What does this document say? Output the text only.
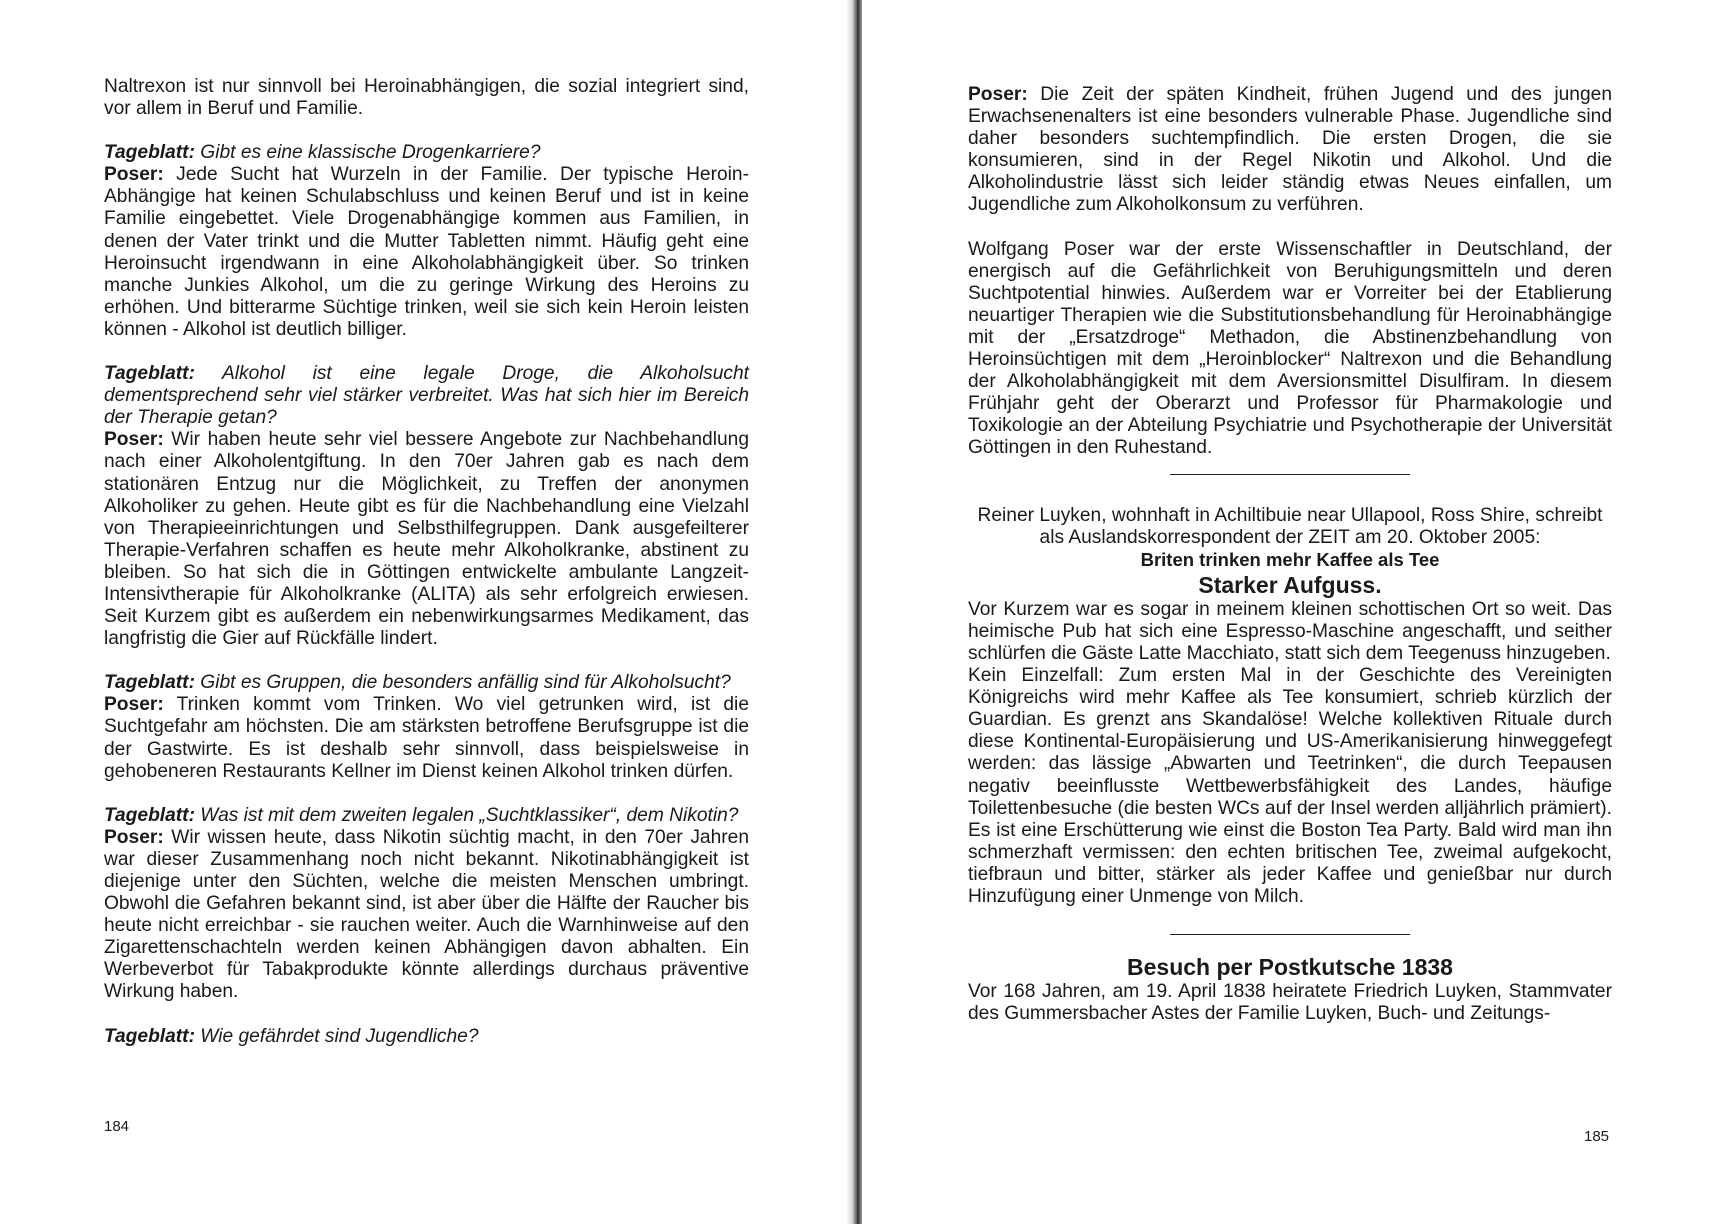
Naltrexon ist nur sinnvoll bei Heroinabhängigen, die sozial integriert sind, vor allem in Beruf und Familie.

Tageblatt: Gibt es eine klassische Drogenkarriere?

Poser: Jede Sucht hat Wurzeln in der Familie. Der typische Heroin-Abhängige hat keinen Schulabschluss und keinen Beruf und ist in keine Familie eingebettet. Viele Drogenabhängige kommen aus Familien, in denen der Vater trinkt und die Mutter Tabletten nimmt. Häufig geht eine Heroinsucht irgendwann in eine Alkoholabhängigkeit über. So trinken manche Junkies Alkohol, um die zu geringe Wirkung des Heroins zu erhöhen. Und bitterarme Süchtige trinken, weil sie sich kein Heroin leisten können - Alkohol ist deutlich billiger.

Tageblatt: Alkohol ist eine legale Droge, die Alkoholsucht dementsprechend sehr viel stärker verbreitet. Was hat sich hier im Bereich der Therapie getan?

Poser: Wir haben heute sehr viel bessere Angebote zur Nachbehandlung nach einer Alkoholentgiftung. In den 70er Jahren gab es nach dem stationären Entzug nur die Möglichkeit, zu Treffen der anonymen Alkoholiker zu gehen. Heute gibt es für die Nachbehandlung eine Vielzahl von Therapieeinrichtungen und Selbsthilfegruppen. Dank ausgefeilterer Therapie-Verfahren schaffen es heute mehr Alkoholkranke, abstinent zu bleiben. So hat sich die in Göttingen entwickelte ambulante Langzeit-Intensivtherapie für Alkoholkranke (ALITA) als sehr erfolgreich erwiesen. Seit Kurzem gibt es außerdem ein nebenwirkungsarmes Medikament, das langfristig die Gier auf Rückfälle lindert.

Tageblatt: Gibt es Gruppen, die besonders anfällig sind für Alkoholsucht?

Poser: Trinken kommt vom Trinken. Wo viel getrunken wird, ist die Suchtgefahr am höchsten. Die am stärksten betroffene Berufsgruppe ist die der Gastwirte. Es ist deshalb sehr sinnvoll, dass beispielsweise in gehobeneren Restaurants Kellner im Dienst keinen Alkohol trinken dürfen.

Tageblatt: Was ist mit dem zweiten legalen „Suchtklassiker“, dem Nikotin?

Poser: Wir wissen heute, dass Nikotin süchtig macht, in den 70er Jahren war dieser Zusammenhang noch nicht bekannt. Nikotinabhängigkeit ist diejenige unter den Süchten, welche die meisten Menschen umbringt. Obwohl die Gefahren bekannt sind, ist aber über die Hälfte der Raucher bis heute nicht erreichbar - sie rauchen weiter. Auch die Warnhinweise auf den Zigarettenschachteln werden keinen Abhängigen davon abhalten. Ein Werbeverbot für Tabakprodukte könnte allerdings durchaus präventive Wirkung haben.

Tageblatt: Wie gefährdet sind Jugendliche?

184

Poser: Die Zeit der späten Kindheit, frühen Jugend und des jungen Erwachsenenalters ist eine besonders vulnerable Phase. Jugendliche sind daher besonders suchtempfindlich. Die ersten Drogen, die sie konsumieren, sind in der Regel Nikotin und Alkohol. Und die Alkoholindustrie lässt sich leider ständig etwas Neues einfallen, um Jugendliche zum Alkoholkonsum zu verführen.

Wolfgang Poser war der erste Wissenschaftler in Deutschland, der energisch auf die Gefährlichkeit von Beruhigungsmitteln und deren Suchtpotential hinwies. Außerdem war er Vorreiter bei der Etablierung neuartiger Therapien wie die Substitutionsbehandlung für Heroinabhängige mit der „Ersatzdroge“ Methadon, die Abstinenzbehandlung von Heroinsüchtigen mit dem „Heroinblocker“ Naltrexon und die Behandlung der Alkoholabhängigkeit mit dem Aversionsmittel Disulfiram. In diesem Frühjahr geht der Oberarzt und Professor für Pharmakologie und Toxikologie an der Abteilung Psychiatrie und Psychotherapie der Universität Göttingen in den Ruhestand.

Reiner Luyken, wohnhaft in Achiltibuie near Ullapool, Ross Shire, schreibt als Auslandskorrespondent der ZEIT am 20. Oktober 2005:

Briten trinken mehr Kaffee als Tee

Starker Aufguss.

Vor Kurzem war es sogar in meinem kleinen schottischen Ort so weit. Das heimische Pub hat sich eine Espresso-Maschine angeschafft, und seither schlürfen die Gäste Latte Macchiato, statt sich dem Teegenuss hinzugeben.

Kein Einzelfall: Zum ersten Mal in der Geschichte des Vereinigten Königreichs wird mehr Kaffee als Tee konsumiert, schrieb kürzlich der Guardian. Es grenzt ans Skandalöse! Welche kollektiven Rituale durch diese Kontinental-Europäisierung und US-Amerikanisierung hinweggefegt werden: das lässige „Abwarten und Teetrinken“, die durch Teepausen negativ beeinflusste Wettbewerbsfähigkeit des Landes, häufige Toilettenbesuche (die besten WCs auf der Insel werden alljährlich prämiert). Es ist eine Erschütterung wie einst die Boston Tea Party. Bald wird man ihn schmerzhaft vermissen: den echten britischen Tee, zweimal aufgekocht, tiefbraun und bitter, stärker als jeder Kaffee und genießbar nur durch Hinzufügung einer Unmenge von Milch.

Besuch per Postkutsche 1838

Vor 168 Jahren, am 19. April 1838 heiratete Friedrich Luyken, Stammvater des Gummersbacher Astes der Familie Luyken, Buch- und Zeitungs-

185
